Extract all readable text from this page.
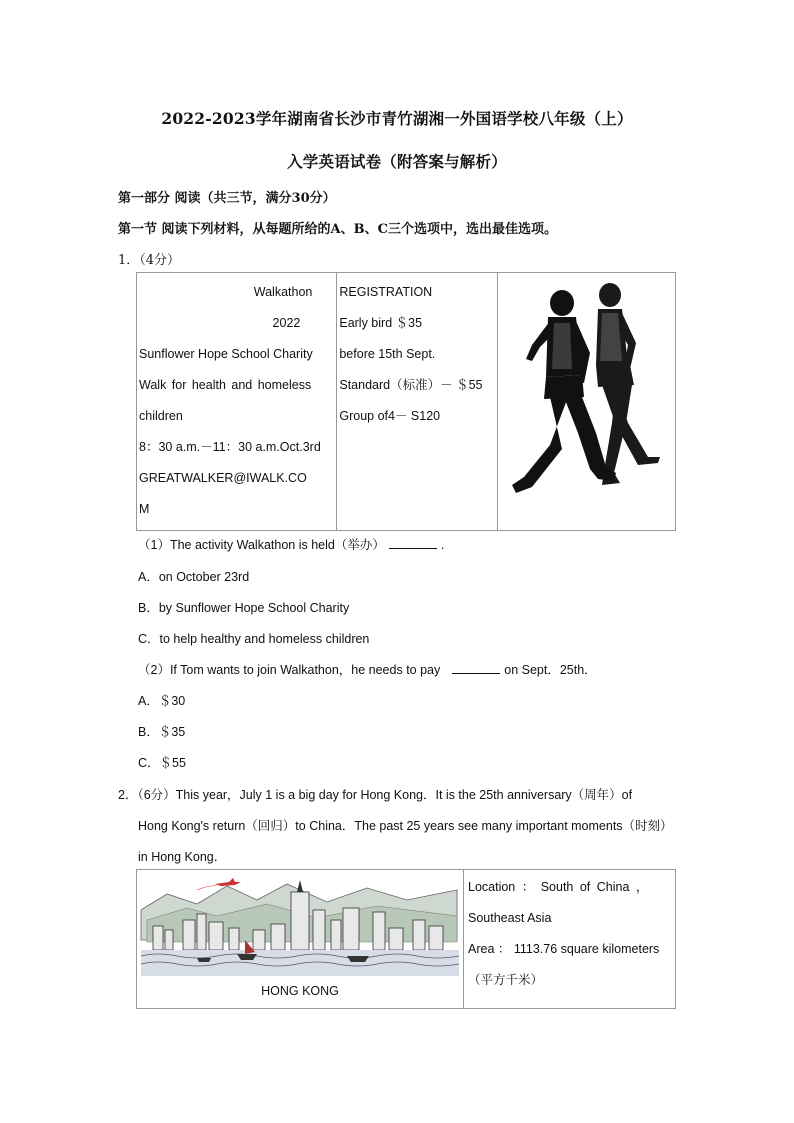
2022-2023学年湖南省长沙市青竹湖湘一外国语学校八年级（上）
入学英语试卷（附答案与解析）
第一部分 阅读（共三节，满分30分）
第一节 阅读下列材料，从每题所给的A、B、C三个选项中，选出最佳选项。
1．（4分）
Walkathon
2022
Sunflower Hope School Charity
Walk for health and homeless
children
8：30 a.m.－11：30 a.m.Oct.3rd
GREATWALKER@IWALK.CO
M

REGISTRATION
Early bird ＄35
before 15th Sept.
Standard（标准）－ ＄55
Group of4－ S120

（1）The activity Walkathon is held（举办）	.
A．on October 23rd
B．by Sunflower Hope School Charity
C．to help healthy and homeless children
（2）If Tom wants to join Walkathon，he needs to pay	on Sept．25th．
A．＄30
B．＄35
C．＄55
2．（6分）This year，July 1 is a big day for Hong Kong．It is the 25th anniversary（周年）of
Hong Kong's return（回归）to China．The past 25 years see many important moments（时刻）
in Hong Kong．
HONG KONG

Location ： South of China ，
Southeast Asia
Area ： 1113.76 square kilometers
（平方千米）
